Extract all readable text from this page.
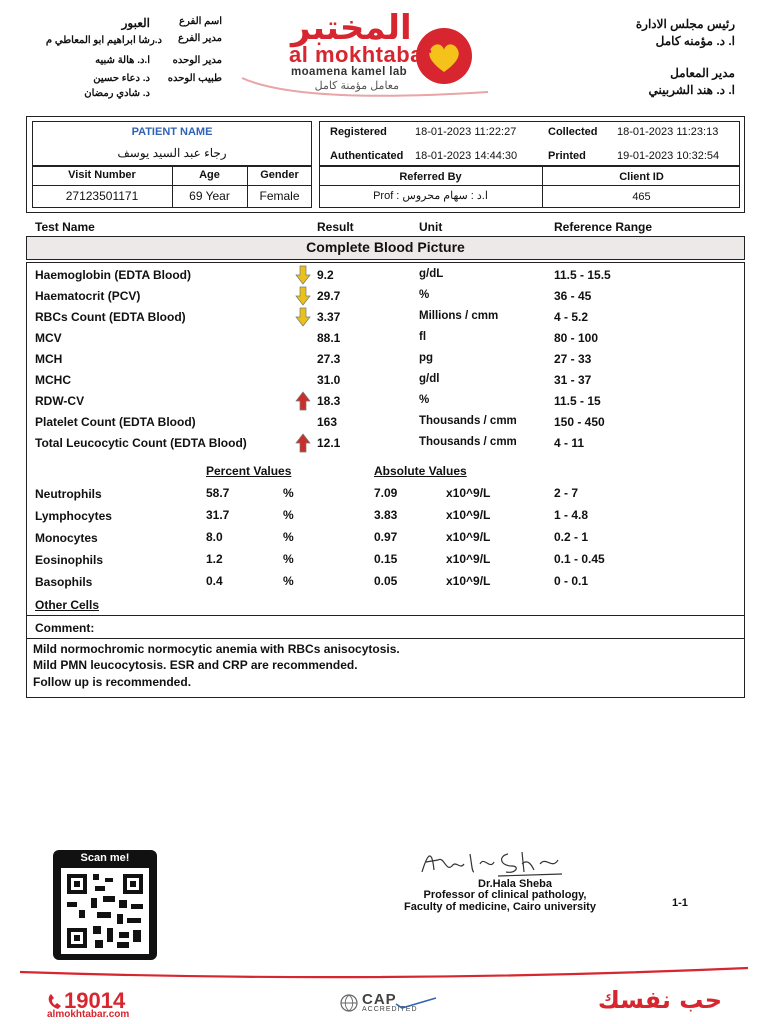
العبور
د.رشا ابراهيم ابو المعاطي م
ا.د. هالة شبيه
د. دعاء حسين
د. شادي رمضان
اسم الفرع
مدير الفرع
مدير الوحده
طبيب الوحده
المختبر
al mokhtabar
moamena kamel lab
معامل مؤمنة كامل
رئيس مجلس الادارة
ا. د. مؤمنه كامل
مدير المعامل
ا. د. هند الشربيني
PATIENT NAME
رجاء عبد السيد يوسف
Visit Number	Age	Gender
27123501171	69 Year	Female
Registered	18-01-2023 11:22:27	Collected 18-01-2023 11:23:13
Authenticated 18-01-2023 14:44:30	Printed	19-01-2023 10:32:54
Referred By
Prof : ا.د : سهام محروس
Client ID
465
Test Name	Result	Unit	Reference Range
Complete Blood Picture
Haemoglobin (EDTA Blood)	9.2	g/dL	11.5 - 15.5
Haematocrit (PCV)	29.7	%	36 - 45
RBCs Count (EDTA Blood)	3.37	Millions / cmm	4 - 5.2
MCV	88.1	fl	80 - 100
MCH	27.3	pg	27 - 33
MCHC	31.0	g/dl	31 - 37
RDW-CV	18.3	%	11.5 - 15
Platelet Count (EDTA Blood)	163	Thousands / cmm	150 - 450
Total Leucocytic Count (EDTA Blood)	12.1	Thousands / cmm	4 - 11
Neutrophils	58.7	%	7.09	x10^9/L	2 - 7
Lymphocytes	31.7	%	3.83	x10^9/L	1 - 4.8
Monocytes	8.0	%	0.97	x10^9/L	0.2 - 1
Eosinophils	1.2	%	0.15	x10^9/L	0.1 - 0.45
Basophils	0.4	%	0.05	x10^9/L	0 - 0.1
Percent Values	Absolute Values
Other Cells
Comment:
Mild normochromic normocytic anemia with RBCs anisocytosis.
Mild PMN leucocytosis. ESR and CRP are recommended.
Follow up is recommended.
Scan me!
Dr.Hala Sheba
Professor of clinical pathology,
Faculty of medicine, Cairo university	1-1
19014
almokhtabar.com
CAP
ACCREDITED	حب نفسك
